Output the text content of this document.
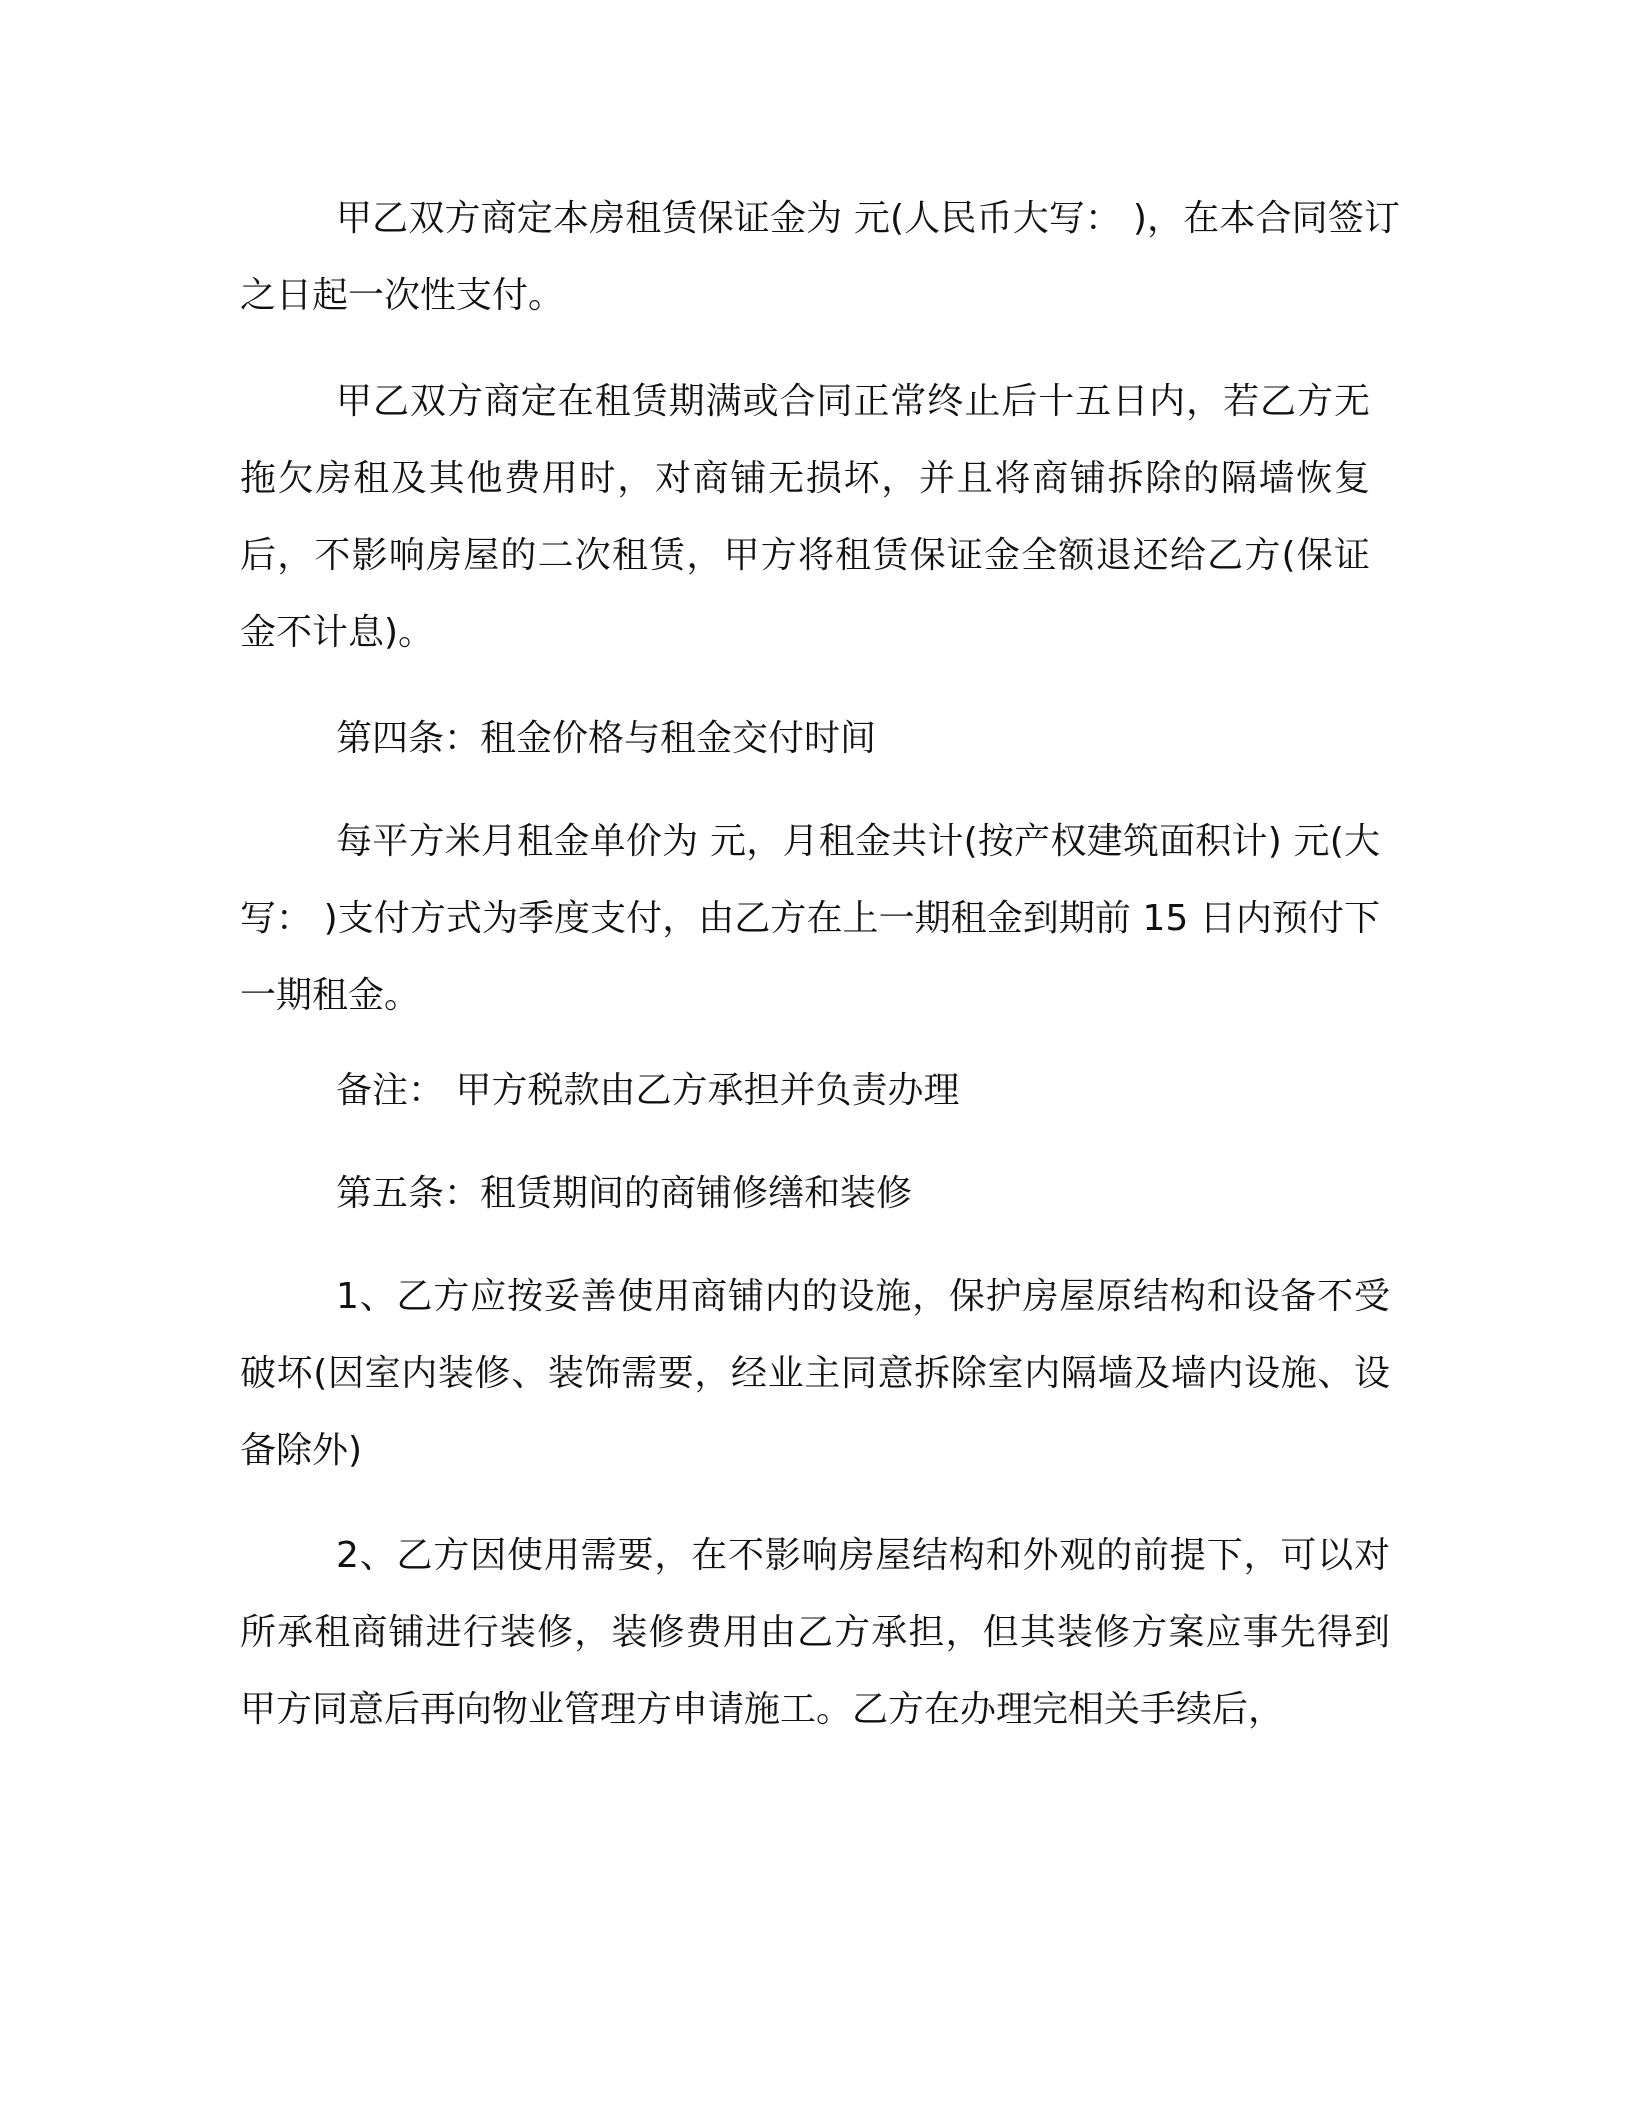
甲乙双方商定本房租赁保证金为 元(人民币大写： )，在本合同签订之日起一次性支付。

甲乙双方商定在租赁期满或合同正常终止后十五日内，若乙方无拖欠房租及其他费用时，对商铺无损坏，并且将商铺拆除的隔墙恢复后，不影响房屋的二次租赁，甲方将租赁保证金全额退还给乙方(保证金不计息)。

第四条：租金价格与租金交付时间

每平方米月租金单价为 元，月租金共计(按产权建筑面积计) 元(大写： )支付方式为季度支付，由乙方在上一期租金到期前 15 日内预付下一期租金。

备注： 甲方税款由乙方承担并负责办理

第五条：租赁期间的商铺修缮和装修

1、乙方应按妥善使用商铺内的设施，保护房屋原结构和设备不受破坏(因室内装修、装饰需要，经业主同意拆除室内隔墙及墙内设施、设备除外)

2、乙方因使用需要，在不影响房屋结构和外观的前提下，可以对所承租商铺进行装修，装修费用由乙方承担，但其装修方案应事先得到甲方同意后再向物业管理方申请施工。乙方在办理完相关手续后，
